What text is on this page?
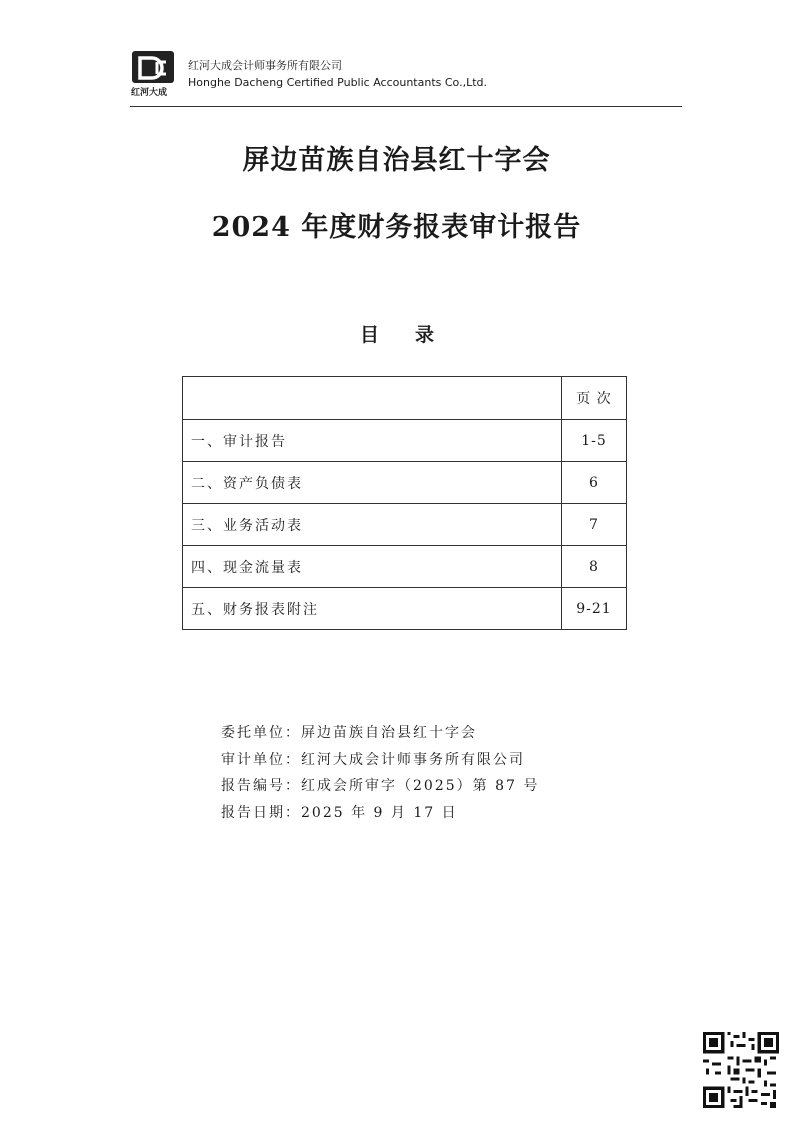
红河大成
红河大成会计师事务所有限公司
Honghe Dacheng Certified Public Accountants Co.,Ltd.
屏边苗族自治县红十字会
2024 年度财务报表审计报告
目录
	页 次
一、审计报告	1-5
二、资产负债表	6
三、业务活动表	7
四、现金流量表	8
五、财务报表附注	9-21
委托单位：屏边苗族自治县红十字会
审计单位：红河大成会计师事务所有限公司
报告编号：红成会所审字（2025）第 87 号
报告日期：2025 年 9 月 17 日
